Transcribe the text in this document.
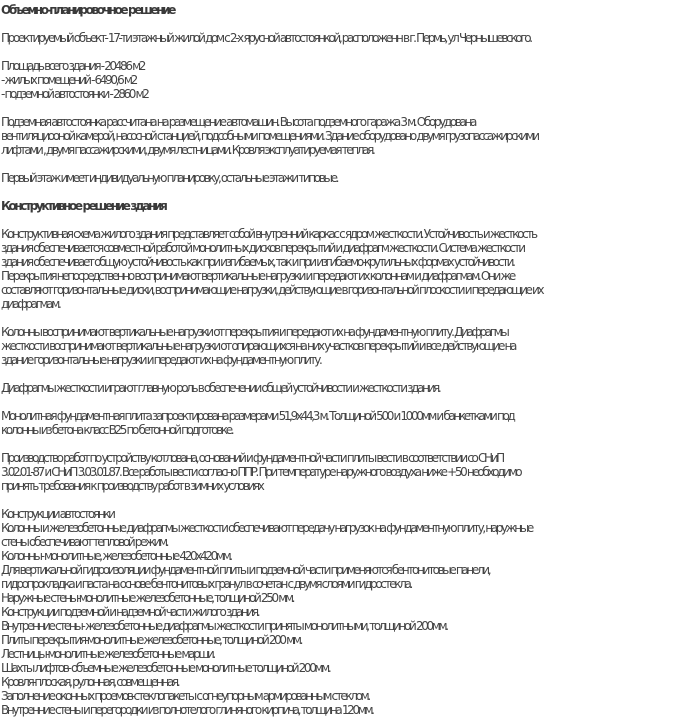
Объемно-планировочное решение

Проектируемый объект- 17-ти этажный жилой дом с 2-х ярусной автостоянкой, расположенн в г. Пермь, ул Чернышевского.

Площадь всего здания - 20486 м2
- жилых помещений - 6490,6 м2
- подземной автостоянки - 2860 м2
Подземная автостоянка рассчитана на размещение автомашин. Высота подземного гаража 3 м. Оборудована
вентиляциооной камерой, насосной станцией, подсобными помещениями. Здание оборудовано двумя грузопассажирскими
лифтами , двумя пассажирскими, двумя лестницами. Кровля эксплуатируемая теплая.

Первый этаж имеет индивидуальную планировку, остальные этажи типовые.

Конструктивное решение здания

Конструктивная схема жилого здания представляет собой внутренний каркас с ядром жесткости. Устойчивость и жесткость
здания обеспечивается совместной работой монолитных дисков перекрытий и диафрагм жесткости. Система жесткости
здания обеспечивает общую устойчивость как при изгибаемых, так и при изгибаемо-крутильных формах устойчивости.
Перекрытия непосредственно воспринимают вертикальные нагрузки и передают их колоннам и диафрагмам. Они же
составляют горизонтальные диски, воспринимающие нагрузки, действующие в горизонтальной плоскости и передающие их
диафрагмам.
Колонны воспринимают вертикальные нагрузки от перекрытия и передают их на фундаментную плиту. Диафрагмы
жесткости воспринимают вертикальные нагрузки от опирающихся на них участков перекрытий и все действующие на
здание горизонтальные нагрузки и передают их на фундаментную плиту.

Диафрагмы жесткости играют главную роль в обеспечении общей устойчивости и жесткости здания.

Монолитная фундаментная плита запроектирована размерами 51,9x44,3 м. Толщиной 500 и 1000мм и банкетками под
колонны из бетона класс В25 по бетонной подготовке.
Производство работ по устройству котлована, оснований и фундаментной части плиты вести в соответствии со СНиП
3.02.01-87 и СНиП 3.03.01.87. Все работы вести согласно ППР. При температуре наружного воздуха ниже +50 необходимо
принять требования к производству работ в зимних условиях
Конструкции автостоянки
Колонны и железобетонные диафрагмы жесткости обеспечивают передачу нагрузок на фундаментную плиту, наружные
стены обеспечивают тепловой режим.
Колонны- монолитные, железобетонные 420x420мм.
Для вертикальной гидроизоляции фундаментной плиты и подземной части применяются бентонитовые панели,
гидропрокладка и паста на основе бентонитовых гранул в сочетан с двумя слоями гидростекла.
Наружные стены-монолитные железобетонные, толщиной 250 мм.
Конструкции подземной и надземной части жилого здания.
Внутренние стены- железобетонные диафрагмы жесткости приняты монолитными, толщиной 200мм.
Плиты перекрытия-монолитные железобетонные, толщиной 200 мм.
Лестницы-монолитные железобетонные марши.
Шахты лифтов- объемные железобетонные монолитные толщиной 200мм.
Кровля-плоская, рулонная, совмещенная.
Заполнение оконных проемов-стеклопакеты с огнеупорным армированным стеклом.
Внутренние стены и перегородки из полнотелого глиняного кирпича, толщина 120мм.
